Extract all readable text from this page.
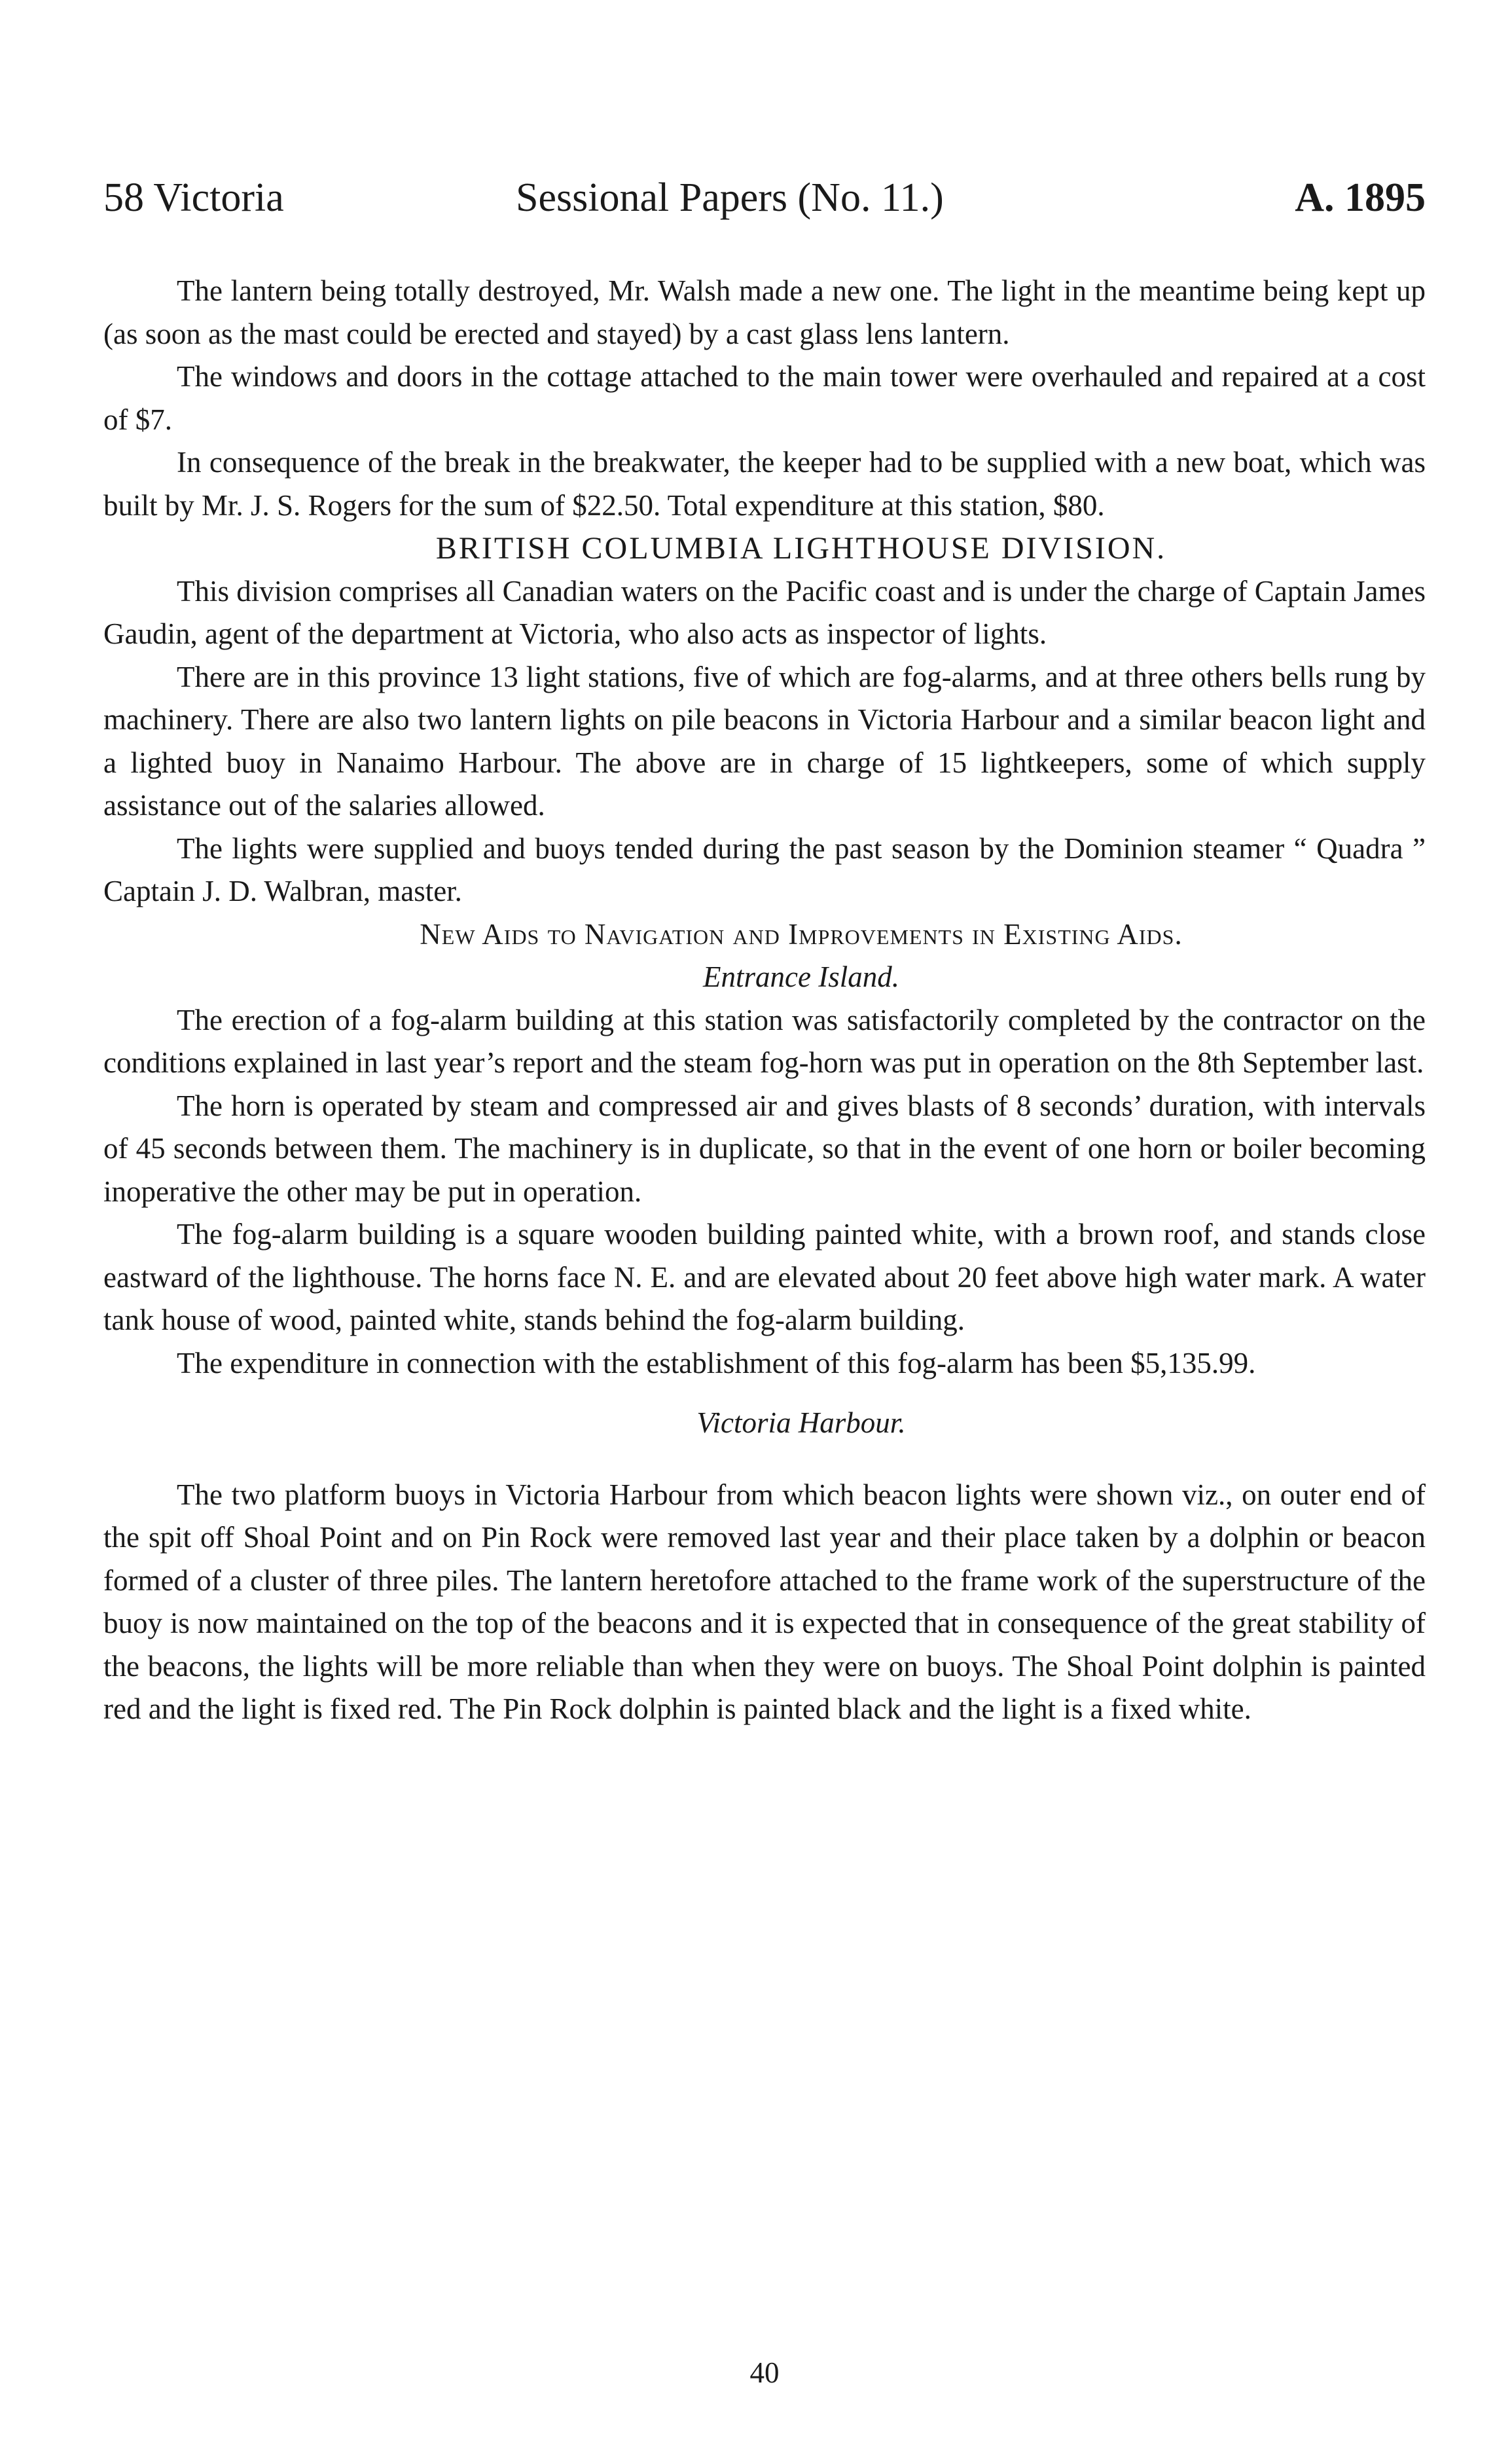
58 Victoria	Sessional Papers (No. 11.)	A. 1895

The lantern being totally destroyed, Mr. Walsh made a new one. The light in the meantime being kept up (as soon as the mast could be erected and stayed) by a cast glass lens lantern.

The windows and doors in the cottage attached to the main tower were overhauled and repaired at a cost of $7.

In consequence of the break in the breakwater, the keeper had to be supplied with a new boat, which was built by Mr. J. S. Rogers for the sum of $22.50. Total expenditure at this station, $80.

BRITISH COLUMBIA LIGHTHOUSE DIVISION.

This division comprises all Canadian waters on the Pacific coast and is under the charge of Captain James Gaudin, agent of the department at Victoria, who also acts as inspector of lights.

There are in this province 13 light stations, five of which are fog-alarms, and at three others bells rung by machinery. There are also two lantern lights on pile beacons in Victoria Harbour and a similar beacon light and a lighted buoy in Nanaimo Harbour. The above are in charge of 15 lightkeepers, some of which supply assistance out of the salaries allowed.

The lights were supplied and buoys tended during the past season by the Dominion steamer “ Quadra ” Captain J. D. Walbran, master.

New Aids to Navigation and Improvements in Existing Aids.

Entrance Island.

The erection of a fog-alarm building at this station was satisfactorily completed by the contractor on the conditions explained in last year’s report and the steam fog-horn was put in operation on the 8th September last.

The horn is operated by steam and compressed air and gives blasts of 8 seconds’ duration, with intervals of 45 seconds between them. The machinery is in duplicate, so that in the event of one horn or boiler becoming inoperative the other may be put in operation.

The fog-alarm building is a square wooden building painted white, with a brown roof, and stands close eastward of the lighthouse. The horns face N. E. and are elevated about 20 feet above high water mark. A water tank house of wood, painted white, stands behind the fog-alarm building.

The expenditure in connection with the establishment of this fog-alarm has been $5,135.99.

Victoria Harbour.

The two platform buoys in Victoria Harbour from which beacon lights were shown viz., on outer end of the spit off Shoal Point and on Pin Rock were removed last year and their place taken by a dolphin or beacon formed of a cluster of three piles. The lantern heretofore attached to the frame work of the superstructure of the buoy is now maintained on the top of the beacons and it is expected that in consequence of the great stability of the beacons, the lights will be more reliable than when they were on buoys. The Shoal Point dolphin is painted red and the light is fixed red. The Pin Rock dolphin is painted black and the light is a fixed white.

40
